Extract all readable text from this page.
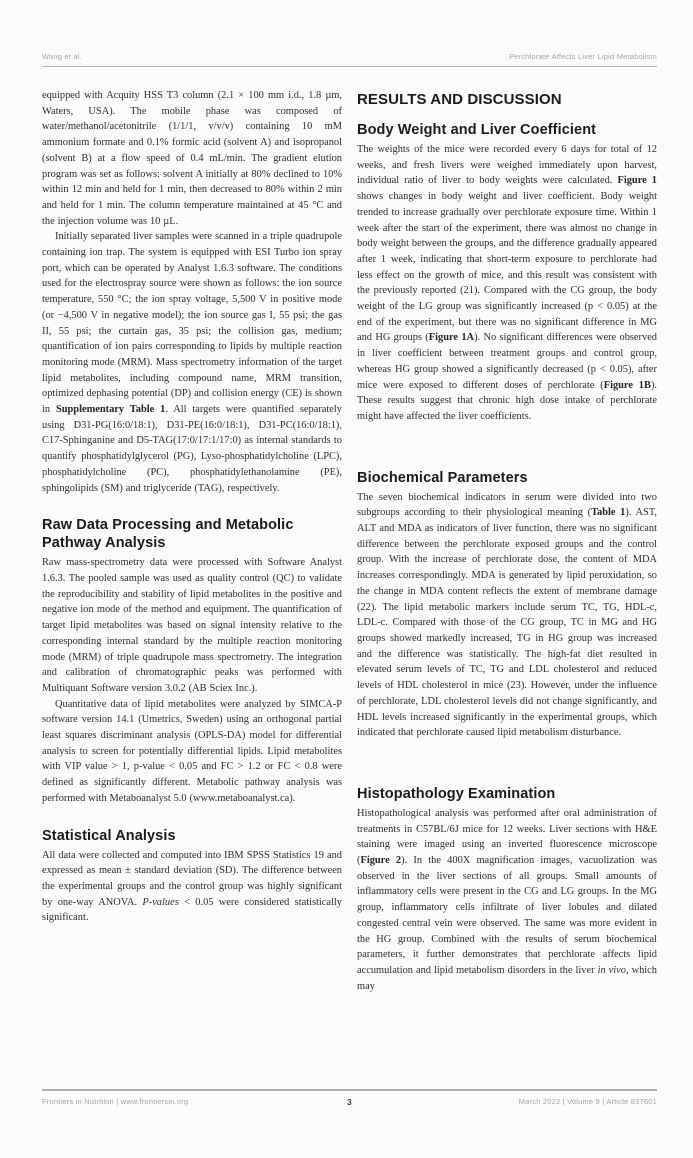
Wang et al.	Perchlorate Affects Liver Lipid Metabolism

equipped with Acquity HSS T3 column (2.1 × 100 mm i.d., 1.8 µm, Waters, USA). The mobile phase was composed of water/methanol/acetonitrile (1/1/1, v/v/v) containing 10 mM ammonium formate and 0.1% formic acid (solvent A) and isopropanol (solvent B) at a flow speed of 0.4 mL/min. The gradient elution program was set as follows: solvent A initially at 80% declined to 10% within 12 min and held for 1 min, then decreased to 80% within 2 min and held for 1 min. The column temperature maintained at 45 °C and the injection volume was 10 µL.

Initially separated liver samples were scanned in a triple quadrupole containing ion trap. The system is equipped with ESI Turbo ion spray port, which can be operated by Analyst 1.6.3 software. The conditions used for the electrospray source were shown as follows: the ion source temperature, 550 °C; the ion spray voltage, 5,500 V in positive mode (or −4,500 V in negative model); the ion source gas I, 55 psi; the gas II, 55 psi; the curtain gas, 35 psi; the collision gas, medium; quantification of ion pairs corresponding to lipids by multiple reaction monitoring mode (MRM). Mass spectrometry information of the target lipid metabolites, including compound name, MRM transition, optimized dephasing potential (DP) and collision energy (CE) is shown in Supplementary Table 1. All targets were quantified separately using D31-PG(16:0/18:1), D31-PE(16:0/18:1), D31-PC(16:0/18:1), C17-Sphinganine and D5-TAG(17:0/17:1/17:0) as internal standards to quantify phosphatidylglycerol (PG), Lyso-phosphatidylcholine (LPC), phosphatidylcholine (PC), phosphatidylethanolamine (PE), sphingolipids (SM) and triglyceride (TAG), respectively.

Raw Data Processing and Metabolic Pathway Analysis

Raw mass-spectrometry data were processed with Software Analyst 1.6.3. The pooled sample was used as quality control (QC) to validate the reproducibility and stability of lipid metabolites in the positive and negative ion mode of the method and equipment. The quantification of target lipid metabolites was based on signal intensity relative to the corresponding internal standard by the multiple reaction monitoring mode (MRM) of triple quadrupole mass spectrometry. The integration and calibration of chromatographic peaks was performed with Multiquant Software version 3.0.2 (AB Sciex Inc.).

Quantitative data of lipid metabolites were analyzed by SIMCA-P software version 14.1 (Umetrics, Sweden) using an orthogonal partial least squares discriminant analysis (OPLS-DA) model for differential analysis to screen for potentially differential lipids. Lipid metabolites with VIP value > 1, p-value < 0.05 and FC > 1.2 or FC < 0.8 were defined as significantly different. Metabolic pathway analysis was performed with Metaboanalyst 5.0 (www.metaboanalyst.ca).

Statistical Analysis

All data were collected and computed into IBM SPSS Statistics 19 and expressed as mean ± standard deviation (SD). The difference between the experimental groups and the control group was highly significant by one-way ANOVA. P-values < 0.05 were considered statistically significant.

RESULTS AND DISCUSSION
Body Weight and Liver Coefficient

The weights of the mice were recorded every 6 days for total of 12 weeks, and fresh livers were weighed immediately upon harvest, individual ratio of liver to body weights were calculated. Figure 1 shows changes in body weight and liver coefficient. Body weight trended to increase gradually over perchlorate exposure time. Within 1 week after the start of the experiment, there was almost no change in body weight between the groups, and the difference gradually appeared after 1 week, indicating that short-term exposure to perchlorate had less effect on the growth of mice, and this result was consistent with the previously reported (21). Compared with the CG group, the body weight of the LG group was significantly increased (p < 0.05) at the end of the experiment, but there was no significant difference in MG and HG groups (Figure 1A). No significant differences were observed in liver coefficient between treatment groups and control group, whereas HG group showed a significantly decreased (p < 0.05), after mice were exposed to different doses of perchlorate (Figure 1B). These results suggest that chronic high dose intake of perchlorate might have affected the liver coefficients.

Biochemical Parameters

The seven biochemical indicators in serum were divided into two subgroups according to their physiological meaning (Table 1). AST, ALT and MDA as indicators of liver function, there was no significant difference between the perchlorate exposed groups and the control group. With the increase of perchlorate dose, the content of MDA increases correspondingly. MDA is generated by lipid peroxidation, so the change in MDA content reflects the extent of membrane damage (22). The lipid metabolic markers include serum TC, TG, HDL-c, LDL-c. Compared with those of the CG group, TC in MG and HG groups showed markedly increased, TG in HG group was increased and the difference was statistically. The high-fat diet resulted in elevated serum levels of TC, TG and LDL cholesterol and reduced levels of HDL cholesterol in mice (23). However, under the influence of perchlorate, LDL cholesterol levels did not change significantly, and HDL levels increased significantly in the experimental groups, which indicated that perchlorate caused lipid metabolism disturbance.

Histopathology Examination

Histopathological analysis was performed after oral administration of treatments in C57BL/6J mice for 12 weeks. Liver sections with H&E staining were imaged using an inverted fluorescence microscope (Figure 2). In the 400X magnification images, vacuolization was observed in the liver sections of all groups. Small amounts of inflammatory cells were present in the CG and LG groups. In the MG group, inflammatory cells infiltrate of liver lobules and dilated congested central vein were observed. The same was more evident in the HG group. Combined with the results of serum biochemical parameters, it further demonstrates that perchlorate affects lipid accumulation and lipid metabolism disorders in the liver in vivo, which may

Frontiers in Nutrition | www.frontiersin.org	3	March 2022 | Volume 9 | Article 837601
